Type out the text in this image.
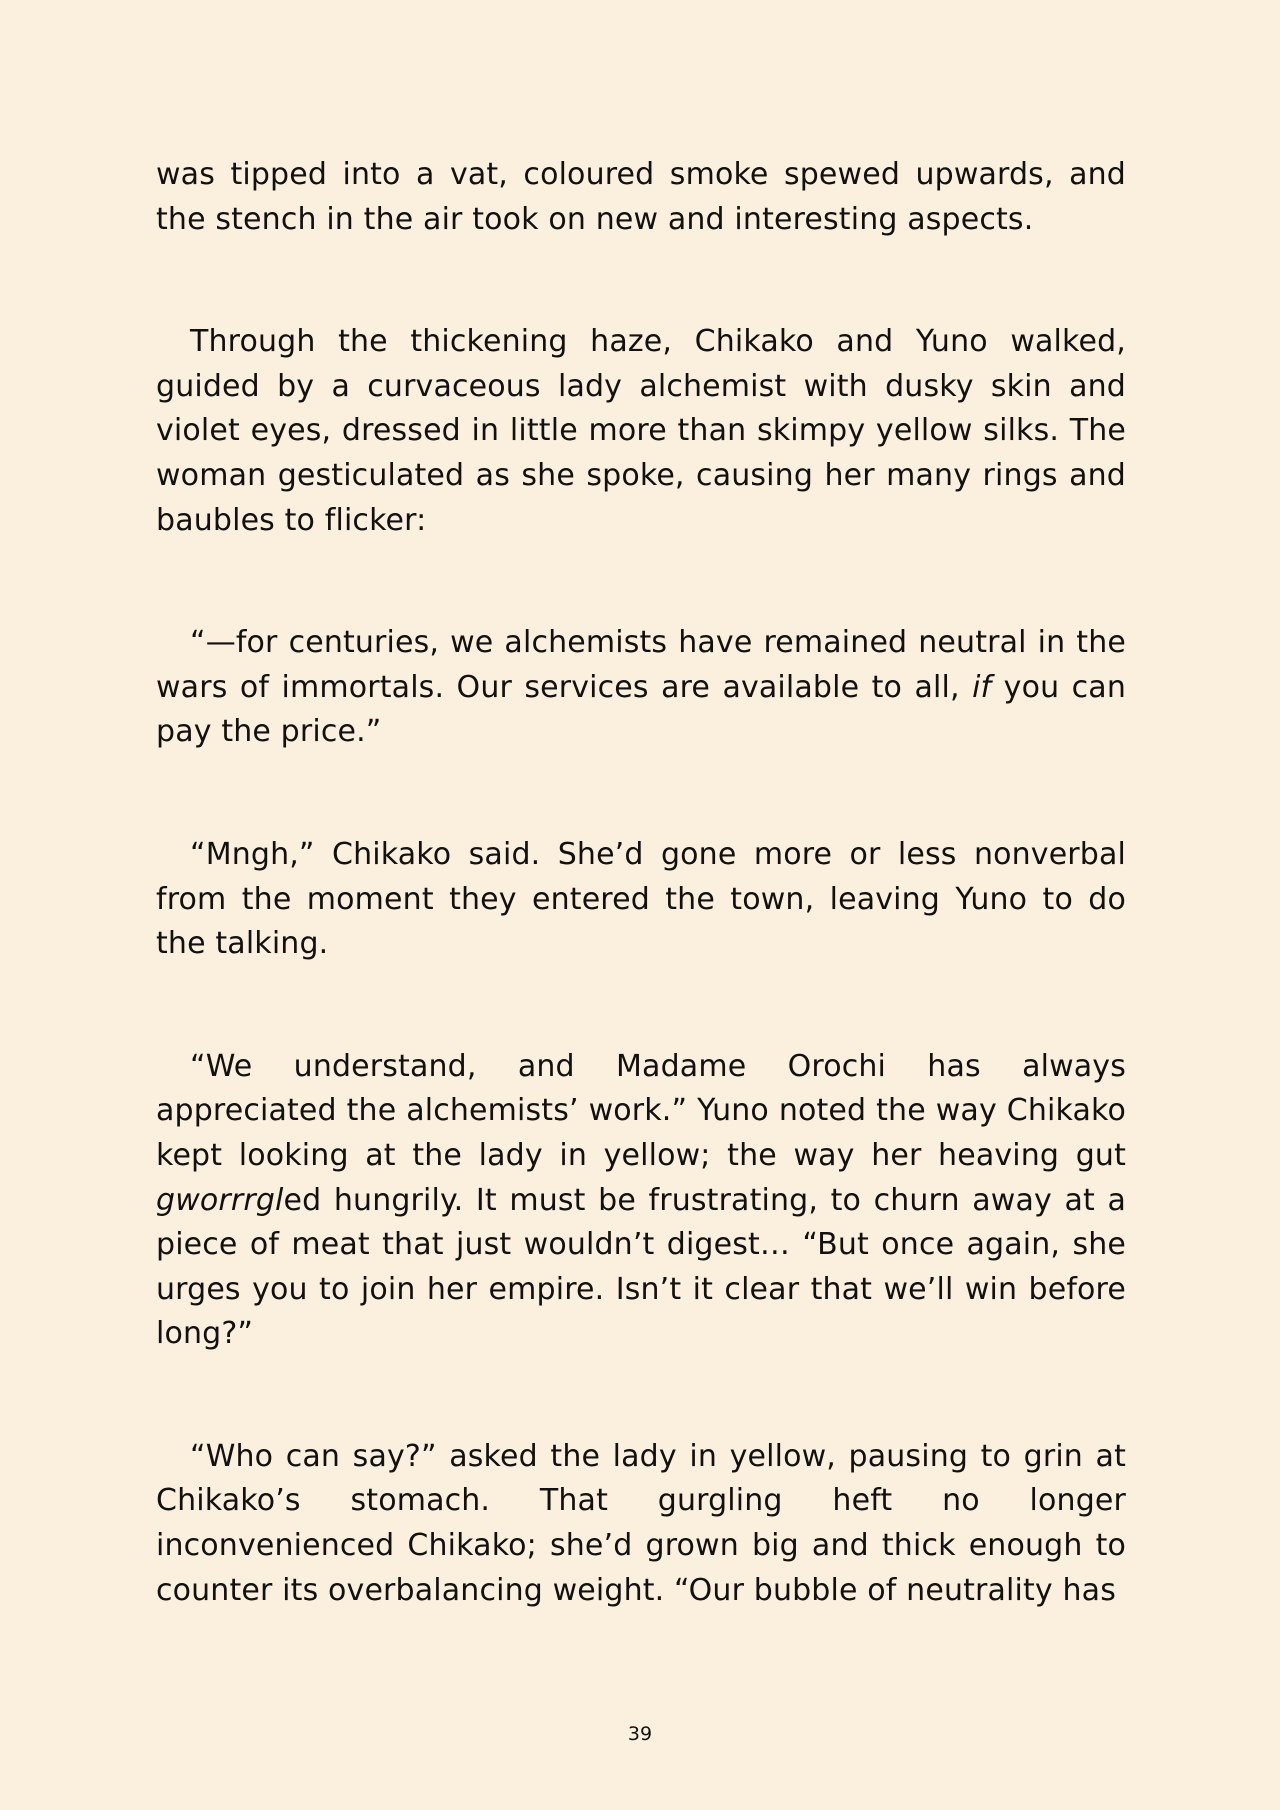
was tipped into a vat, coloured smoke spewed upwards, and the stench in the air took on new and interesting aspects.

Through the thickening haze, Chikako and Yuno walked, guided by a curvaceous lady alchemist with dusky skin and violet eyes, dressed in little more than skimpy yellow silks. The woman gesticulated as she spoke, causing her many rings and baubles to flicker:

“—for centuries, we alchemists have remained neutral in the wars of immortals. Our services are available to all, if you can pay the price.”

“Mngh,” Chikako said. She’d gone more or less nonverbal from the moment they entered the town, leaving Yuno to do the talking.

“We understand, and Madame Orochi has always appreciated the alchemists’ work.” Yuno noted the way Chikako kept looking at the lady in yellow; the way her heaving gut gworrrgled hungrily. It must be frustrating, to churn away at a piece of meat that just wouldn’t digest… “But once again, she urges you to join her empire. Isn’t it clear that we’ll win before long?”

“Who can say?” asked the lady in yellow, pausing to grin at Chikako’s stomach. That gurgling heft no longer inconvenienced Chikako; she’d grown big and thick enough to counter its overbalancing weight. “Our bubble of neutrality has

39
